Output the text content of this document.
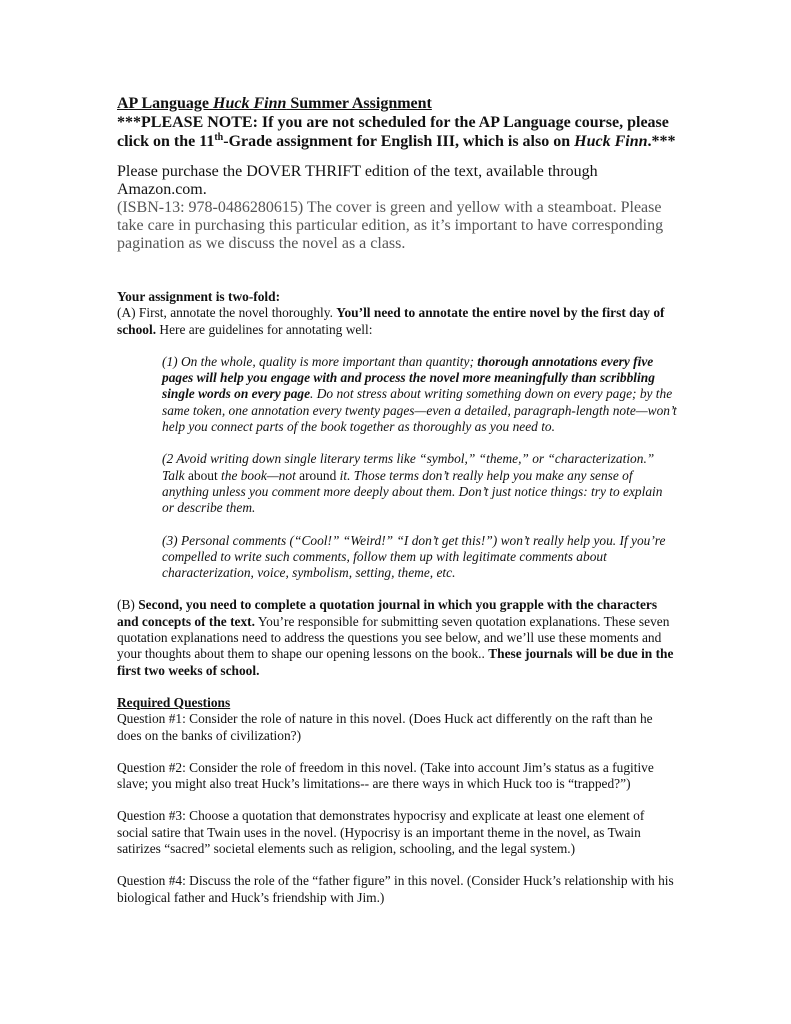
AP Language Huck Finn Summer Assignment

***PLEASE NOTE: If you are not scheduled for the AP Language course, please click on the 11th-Grade assignment for English III, which is also on Huck Finn.***

Please purchase the DOVER THRIFT edition of the text, available through Amazon.com.
(ISBN-13: 978-0486280615) The cover is green and yellow with a steamboat. Please take care in purchasing this particular edition, as it’s important to have corresponding pagination as we discuss the novel as a class.

Your assignment is two-fold:

(A) First, annotate the novel thoroughly. You’ll need to annotate the entire novel by the first day of school. Here are guidelines for annotating well:

(1) On the whole, quality is more important than quantity; thorough annotations every five pages will help you engage with and process the novel more meaningfully than scribbling single words on every page. Do not stress about writing something down on every page; by the same token, one annotation every twenty pages—even a detailed, paragraph-length note—won’t help you connect parts of the book together as thoroughly as you need to.

(2 Avoid writing down single literary terms like “symbol,” “theme,” or “characterization.” Talk about the book—not around it. Those terms don’t really help you make any sense of anything unless you comment more deeply about them. Don’t just notice things: try to explain or describe them.

(3) Personal comments (“Cool!” “Weird!” “I don’t get this!”) won’t really help you. If you’re compelled to write such comments, follow them up with legitimate comments about characterization, voice, symbolism, setting, theme, etc.

(B) Second, you need to complete a quotation journal in which you grapple with the characters and concepts of the text. You’re responsible for submitting seven quotation explanations. These seven quotation explanations need to address the questions you see below, and we’ll use these moments and your thoughts about them to shape our opening lessons on the book.. These journals will be due in the first two weeks of school.

Required Questions

Question #1: Consider the role of nature in this novel. (Does Huck act differently on the raft than he does on the banks of civilization?)

Question #2: Consider the role of freedom in this novel. (Take into account Jim’s status as a fugitive slave; you might also treat Huck’s limitations-- are there ways in which Huck too is “trapped?”)

Question #3: Choose a quotation that demonstrates hypocrisy and explicate at least one element of social satire that Twain uses in the novel. (Hypocrisy is an important theme in the novel, as Twain satirizes “sacred” societal elements such as religion, schooling, and the legal system.)

Question #4: Discuss the role of the “father figure” in this novel. (Consider Huck’s relationship with his biological father and Huck’s friendship with Jim.)
